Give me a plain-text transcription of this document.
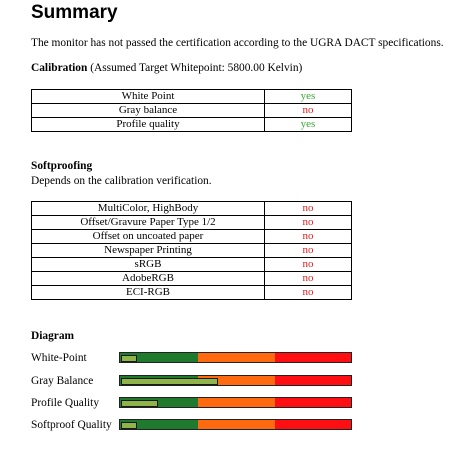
Summary
The monitor has not passed the certification according to the UGRA DACT specifications.
Calibration (Assumed Target Whitepoint: 5800.00 Kelvin)
White Point	yes
Gray balance	no
Profile quality	yes
Softproofing
Depends on the calibration verification.
MultiColor, HighBody	no
Offset/Gravure Paper Type 1/2	no
Offset on uncoated paper	no
Newspaper Printing	no
sRGB	no
AdobeRGB	no
ECI-RGB	no
Diagram
White-Point
Gray Balance
Profile Quality
Softproof Quality
